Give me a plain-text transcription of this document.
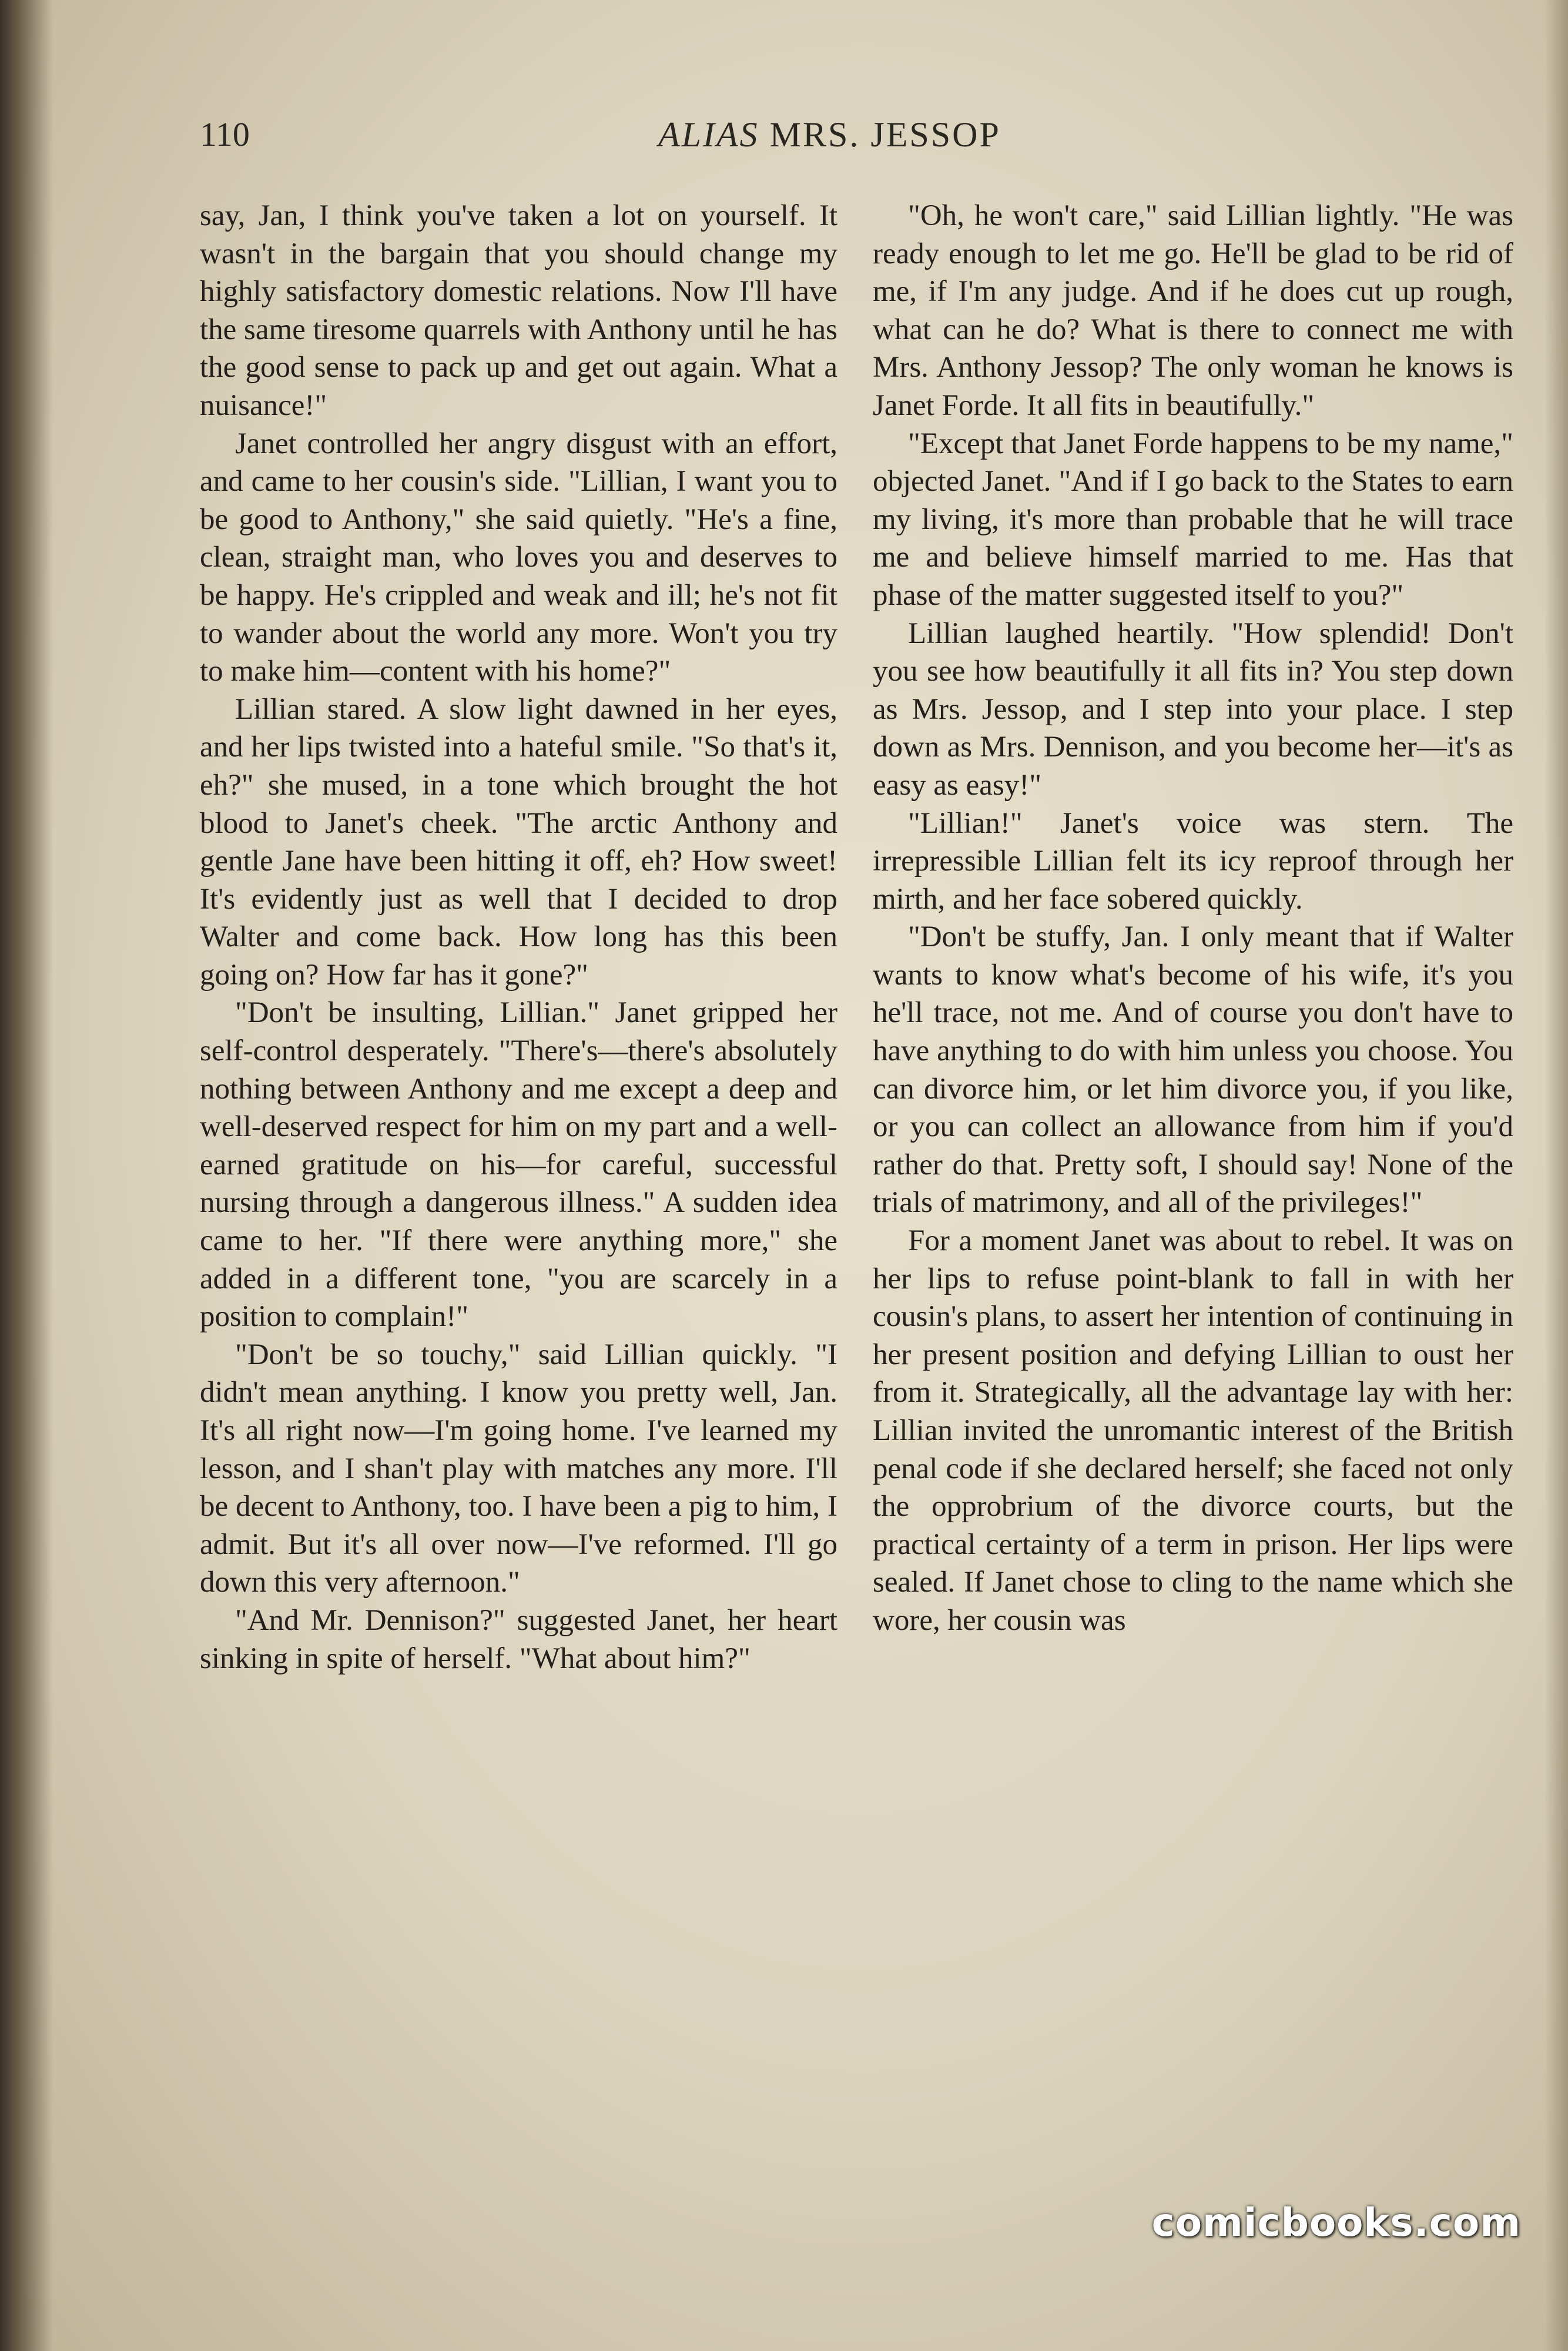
110	ALIAS MRS. JESSOP

say, Jan, I think you've taken a lot on yourself. It wasn't in the bargain that you should change my highly satisfactory domestic relations. Now I'll have the same tiresome quarrels with Anthony until he has the good sense to pack up and get out again. What a nuisance!"

Janet controlled her angry disgust with an effort, and came to her cousin's side. "Lillian, I want you to be good to Anthony," she said quietly. "He's a fine, clean, straight man, who loves you and deserves to be happy. He's crippled and weak and ill; he's not fit to wander about the world any more. Won't you try to make him—content with his home?"

Lillian stared. A slow light dawned in her eyes, and her lips twisted into a hateful smile. "So that's it, eh?" she mused, in a tone which brought the hot blood to Janet's cheek. "The arctic Anthony and gentle Jane have been hitting it off, eh? How sweet! It's evidently just as well that I decided to drop Walter and come back. How long has this been going on? How far has it gone?"

"Don't be insulting, Lillian." Janet gripped her self-control desperately. "There's—there's absolutely nothing between Anthony and me except a deep and well-deserved respect for him on my part and a well-earned gratitude on his—for careful, successful nursing through a dangerous illness." A sudden idea came to her. "If there were anything more," she added in a different tone, "you are scarcely in a position to complain!"

"Don't be so touchy," said Lillian quickly. "I didn't mean anything. I know you pretty well, Jan. It's all right now—I'm going home. I've learned my lesson, and I shan't play with matches any more. I'll be decent to Anthony, too. I have been a pig to him, I admit. But it's all over now—I've reformed. I'll go down this very afternoon."

"And Mr. Dennison?" suggested Janet, her heart sinking in spite of herself. "What about him?"

"Oh, he won't care," said Lillian lightly. "He was ready enough to let me go. He'll be glad to be rid of me, if I'm any judge. And if he does cut up rough, what can he do? What is there to connect me with Mrs. Anthony Jessop? The only woman he knows is Janet Forde. It all fits in beautifully."

"Except that Janet Forde happens to be my name," objected Janet. "And if I go back to the States to earn my living, it's more than probable that he will trace me and believe himself married to me. Has that phase of the matter suggested itself to you?"

Lillian laughed heartily. "How splendid! Don't you see how beautifully it all fits in? You step down as Mrs. Jessop, and I step into your place. I step down as Mrs. Dennison, and you become her—it's as easy as easy!"

"Lillian!" Janet's voice was stern. The irrepressible Lillian felt its icy reproof through her mirth, and her face sobered quickly.

"Don't be stuffy, Jan. I only meant that if Walter wants to know what's become of his wife, it's you he'll trace, not me. And of course you don't have to have anything to do with him unless you choose. You can divorce him, or let him divorce you, if you like, or you can collect an allowance from him if you'd rather do that. Pretty soft, I should say! None of the trials of matrimony, and all of the privileges!"

For a moment Janet was about to rebel. It was on her lips to refuse point-blank to fall in with her cousin's plans, to assert her intention of continuing in her present position and defying Lillian to oust her from it. Strategically, all the advantage lay with her: Lillian invited the unromantic interest of the British penal code if she declared herself; she faced not only the opprobrium of the divorce courts, but the practical certainty of a term in prison. Her lips were sealed. If Janet chose to cling to the name which she wore, her cousin was

comicbooks.com
